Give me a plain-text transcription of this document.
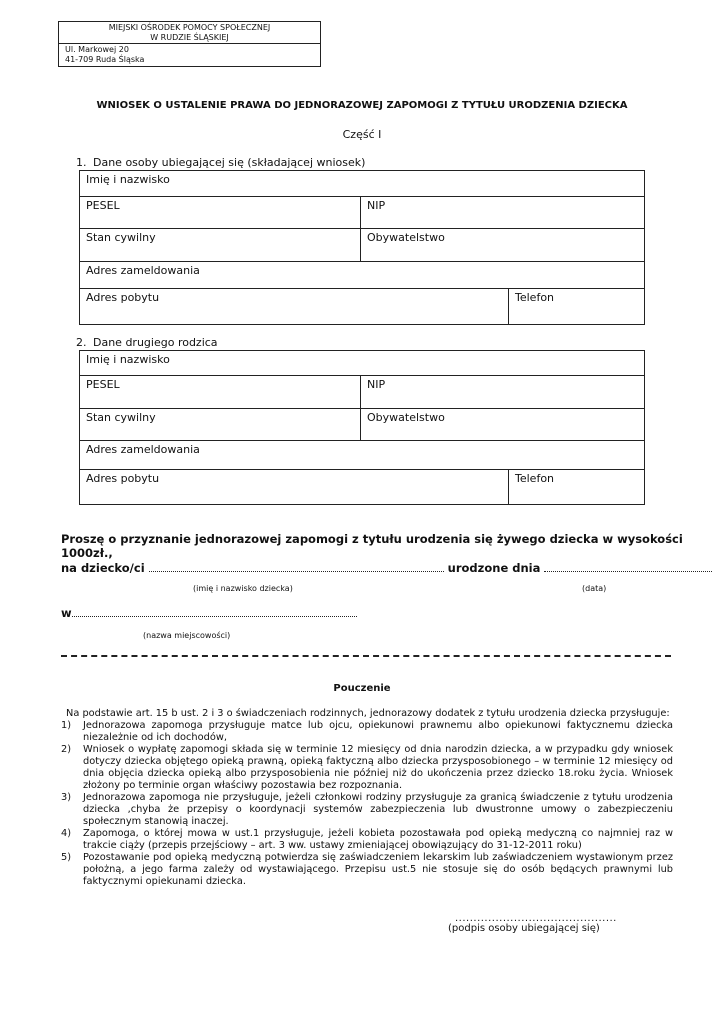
MIEJSKI OŚRODEK POMOCY SPOŁECZNEJ
W RUDZIE ŚLĄSKIEJ
Ul. Markowej 20
41-709 Ruda Śląska
WNIOSEK O USTALENIE PRAWA DO JEDNORAZOWEJ ZAPOMOGI Z TYTUŁU URODZENIA DZIECKA
Część I
1. Dane osoby ubiegającej się (składającej wniosek)
Imię i nazwisko		
PESEL	NIP	
Stan cywilny	Obywatelstwo	
Adres zameldowania		
Adres pobytu		Telefon
2. Dane drugiego rodzica
Imię i nazwisko		
PESEL	NIP	
Stan cywilny	Obywatelstwo	
Adres zameldowania		
Adres pobytu		Telefon
Proszę o przyznanie jednorazowej zapomogi z tytułu urodzenia się żywego dziecka w wysokości 1000zł.,
na dziecko/ci	urodzone dnia
(imię i nazwisko dziecka)	(data)
w
(nazwa miejscowości)
Pouczenie

Na podstawie art. 15 b ust. 2 i 3 o świadczeniach rodzinnych, jednorazowy dodatek z tytułu urodzenia dziecka przysługuje:

1) Jednorazowa zapomoga przysługuje matce lub ojcu, opiekunowi prawnemu albo opiekunowi faktycznemu dziecka niezależnie od ich dochodów,
2) Wniosek o wypłatę zapomogi składa się w terminie 12 miesięcy od dnia narodzin dziecka, a w przypadku gdy wniosek dotyczy dziecka objętego opieką prawną, opieką faktyczną albo dziecka przysposobionego – w terminie 12 miesięcy od dnia objęcia dziecka opieką albo przysposobienia nie później niż do ukończenia przez dziecko 18.roku życia. Wniosek złożony po terminie organ właściwy pozostawia bez rozpoznania.
3) Jednorazowa zapomoga nie przysługuje, jeżeli członkowi rodziny przysługuje za granicą świadczenie z tytułu urodzenia dziecka ,chyba że przepisy o koordynacji systemów zabezpieczenia lub dwustronne umowy o zabezpieczeniu społecznym stanowią inaczej.
4) Zapomoga, o której mowa w ust.1 przysługuje, jeżeli kobieta pozostawała pod opieką medyczną co najmniej raz w trakcie ciąży (przepis przejściowy – art. 3 ww. ustawy zmieniającej obowiązujący do 31-12-2011 roku)
5) Pozostawanie pod opieką medyczną potwierdza się zaświadczeniem lekarskim lub zaświadczeniem wystawionym przez położną, a jego farma zależy od wystawiającego. Przepisu ust.5 nie stosuje się do osób będących prawnymi lub faktycznymi opiekunami dziecka.
............................................
(podpis osoby ubiegającej się)
